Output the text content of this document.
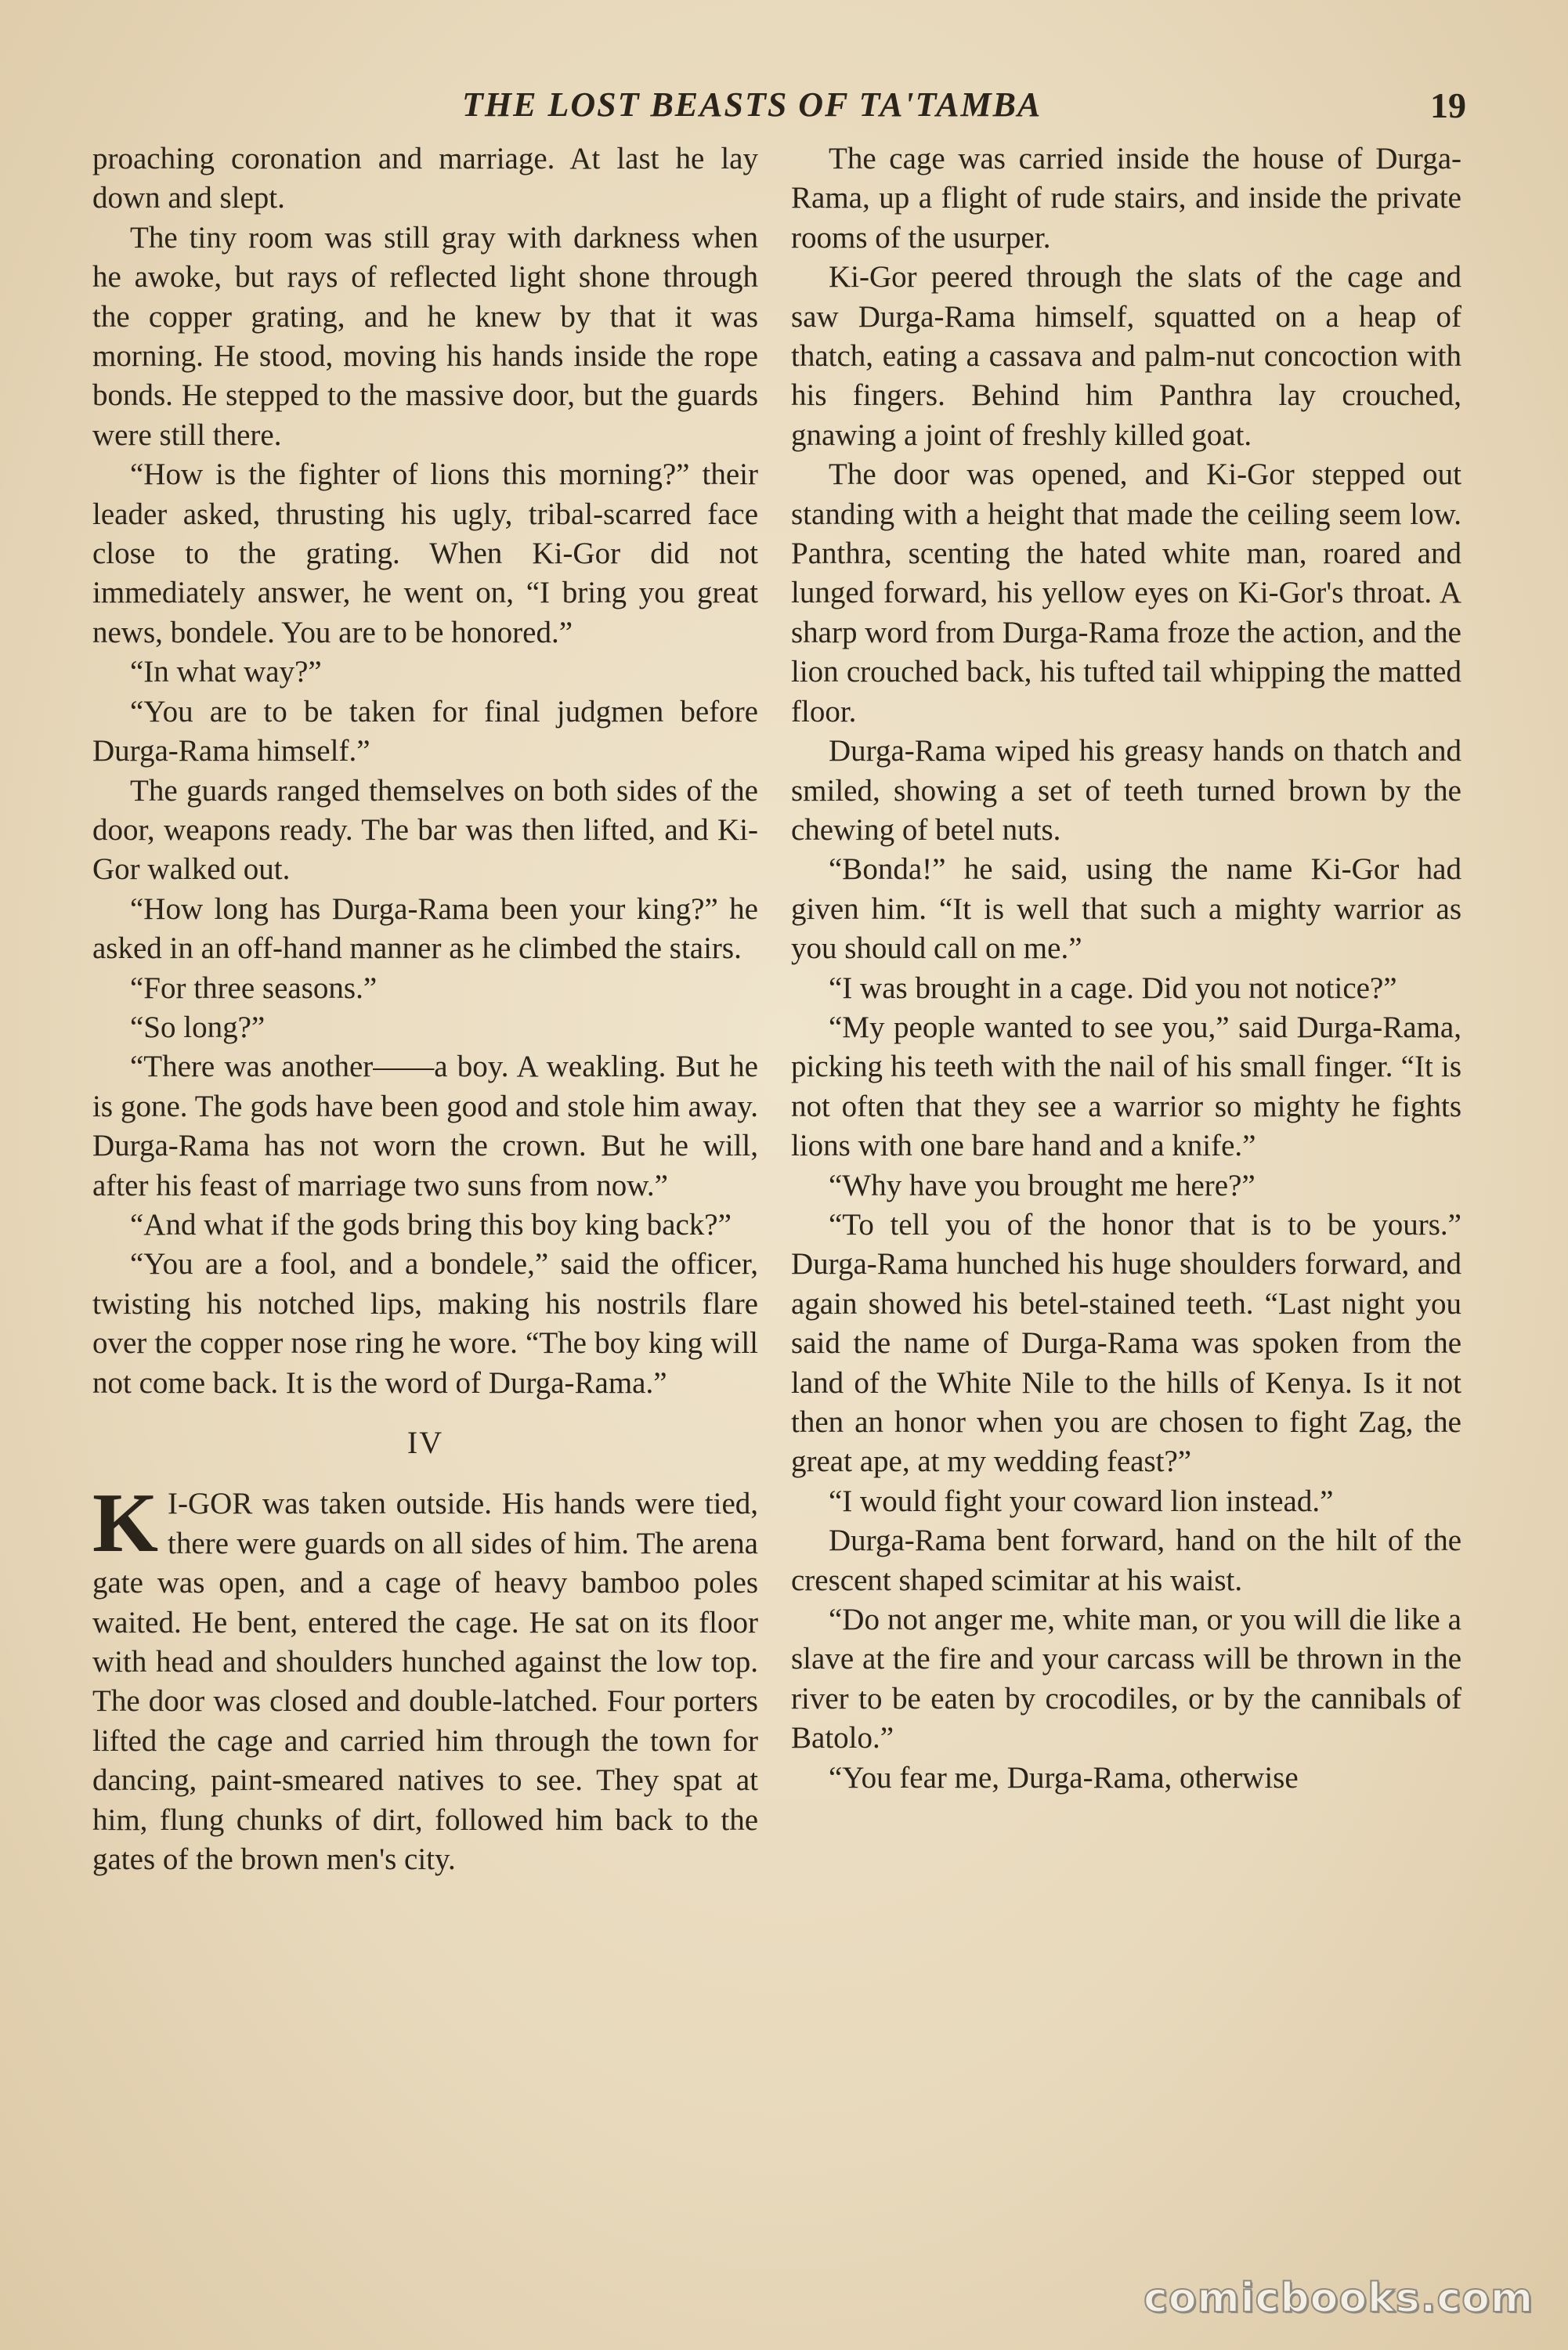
THE LOST BEASTS OF TA'TAMBA	19

proaching coronation and marriage. At last he lay down and slept.

The tiny room was still gray with darkness when he awoke, but rays of reflected light shone through the copper grating, and he knew by that it was morning. He stood, moving his hands inside the rope bonds. He stepped to the massive door, but the guards were still there.

“How is the fighter of lions this morning?” their leader asked, thrusting his ugly, tribal-scarred face close to the grating. When Ki-Gor did not immediately answer, he went on, “I bring you great news, bondele. You are to be honored.”

“In what way?”

“You are to be taken for final judgmen before Durga-Rama himself.”

The guards ranged themselves on both sides of the door, weapons ready. The bar was then lifted, and Ki-Gor walked out.

“How long has Durga-Rama been your king?” he asked in an off-hand manner as he climbed the stairs.

“For three seasons.”

“So long?”

“There was another——a boy. A weakling. But he is gone. The gods have been good and stole him away. Durga-Rama has not worn the crown. But he will, after his feast of marriage two suns from now.”

“And what if the gods bring this boy king back?”

“You are a fool, and a bondele,” said the officer, twisting his notched lips, making his nostrils flare over the copper nose ring he wore. “The boy king will not come back. It is the word of Durga-Rama.”

IV

K I-GOR was taken outside. His hands were tied, there were guards on all sides of him. The arena gate was open, and a cage of heavy bamboo poles waited. He bent, entered the cage. He sat on its floor with head and shoulders hunched against the low top. The door was closed and double-latched. Four porters lifted the cage and carried him through the town for dancing, paint-smeared natives to see. They spat at him, flung chunks of dirt, followed him back to the gates of the brown men's city.

The cage was carried inside the house of Durga-Rama, up a flight of rude stairs, and inside the private rooms of the usurper.

Ki-Gor peered through the slats of the cage and saw Durga-Rama himself, squatted on a heap of thatch, eating a cassava and palm-nut concoction with his fingers. Behind him Panthra lay crouched, gnawing a joint of freshly killed goat.

The door was opened, and Ki-Gor stepped out standing with a height that made the ceiling seem low. Panthra, scenting the hated white man, roared and lunged forward, his yellow eyes on Ki-Gor's throat. A sharp word from Durga-Rama froze the action, and the lion crouched back, his tufted tail whipping the matted floor.

Durga-Rama wiped his greasy hands on thatch and smiled, showing a set of teeth turned brown by the chewing of betel nuts.

“Bonda!” he said, using the name Ki-Gor had given him. “It is well that such a mighty warrior as you should call on me.”

“I was brought in a cage. Did you not notice?”

“My people wanted to see you,” said Durga-Rama, picking his teeth with the nail of his small finger. “It is not often that they see a warrior so mighty he fights lions with one bare hand and a knife.”

“Why have you brought me here?”

“To tell you of the honor that is to be yours.” Durga-Rama hunched his huge shoulders forward, and again showed his betel-stained teeth. “Last night you said the name of Durga-Rama was spoken from the land of the White Nile to the hills of Kenya. Is it not then an honor when you are chosen to fight Zag, the great ape, at my wedding feast?”

“I would fight your coward lion instead.”

Durga-Rama bent forward, hand on the hilt of the crescent shaped scimitar at his waist.

“Do not anger me, white man, or you will die like a slave at the fire and your carcass will be thrown in the river to be eaten by crocodiles, or by the cannibals of Batolo.”

“You fear me, Durga-Rama, otherwise

comicbooks.com
